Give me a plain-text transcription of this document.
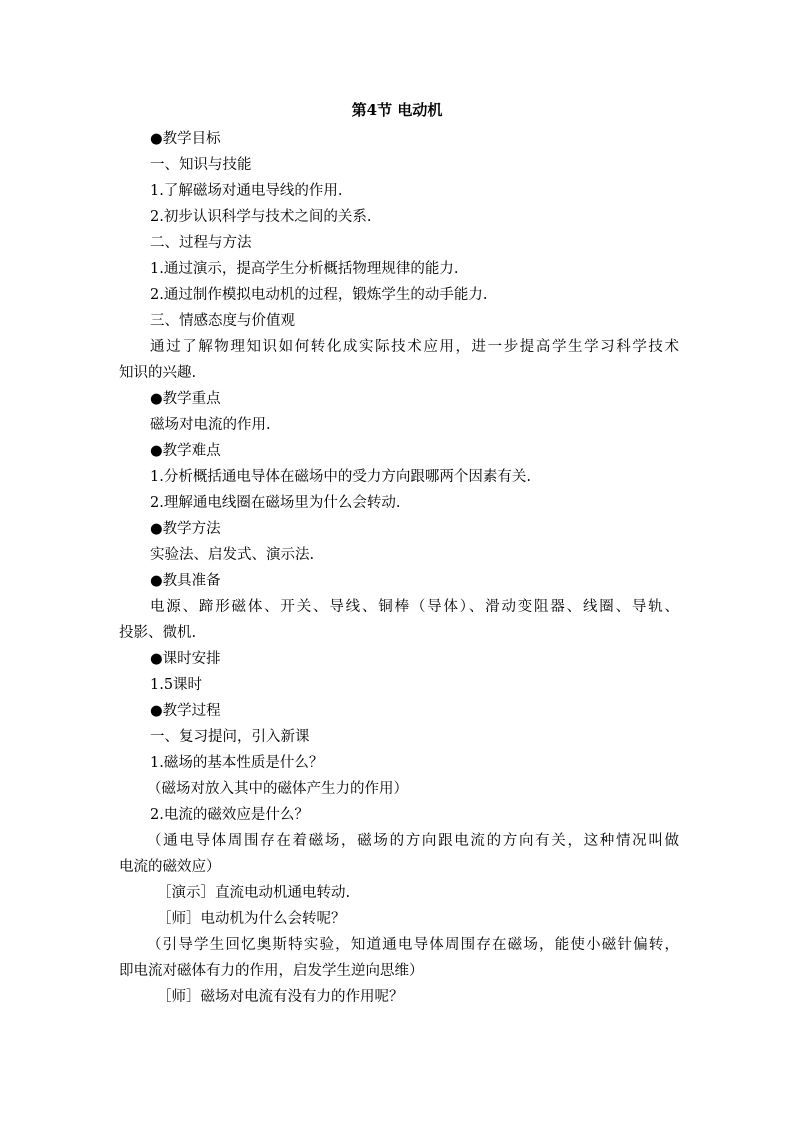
第4节 电动机
●教学目标
一、知识与技能
1.了解磁场对通电导线的作用.
2.初步认识科学与技术之间的关系.
二、过程与方法
1.通过演示，提高学生分析概括物理规律的能力.
2.通过制作模拟电动机的过程，锻炼学生的动手能力.
三、情感态度与价值观
通过了解物理知识如何转化成实际技术应用，进一步提高学生学习科学技术
知识的兴趣.
●教学重点
磁场对电流的作用.
●教学难点
1.分析概括通电导体在磁场中的受力方向跟哪两个因素有关.
2.理解通电线圈在磁场里为什么会转动.
●教学方法
实验法、启发式、演示法.
●教具准备
电源、蹄形磁体、开关、导线、铜棒（导体）、滑动变阻器、线圈、导轨、
投影、微机.
●课时安排
1.5课时
●教学过程
一、复习提问，引入新课
1.磁场的基本性质是什么？
（磁场对放入其中的磁体产生力的作用）
2.电流的磁效应是什么？
（通电导体周围存在着磁场，磁场的方向跟电流的方向有关，这种情况叫做
电流的磁效应）
［演示］直流电动机通电转动.
［师］电动机为什么会转呢？
（引导学生回忆奥斯特实验，知道通电导体周围存在磁场，能使小磁针偏转，
即电流对磁体有力的作用，启发学生逆向思维）
［师］磁场对电流有没有力的作用呢？
